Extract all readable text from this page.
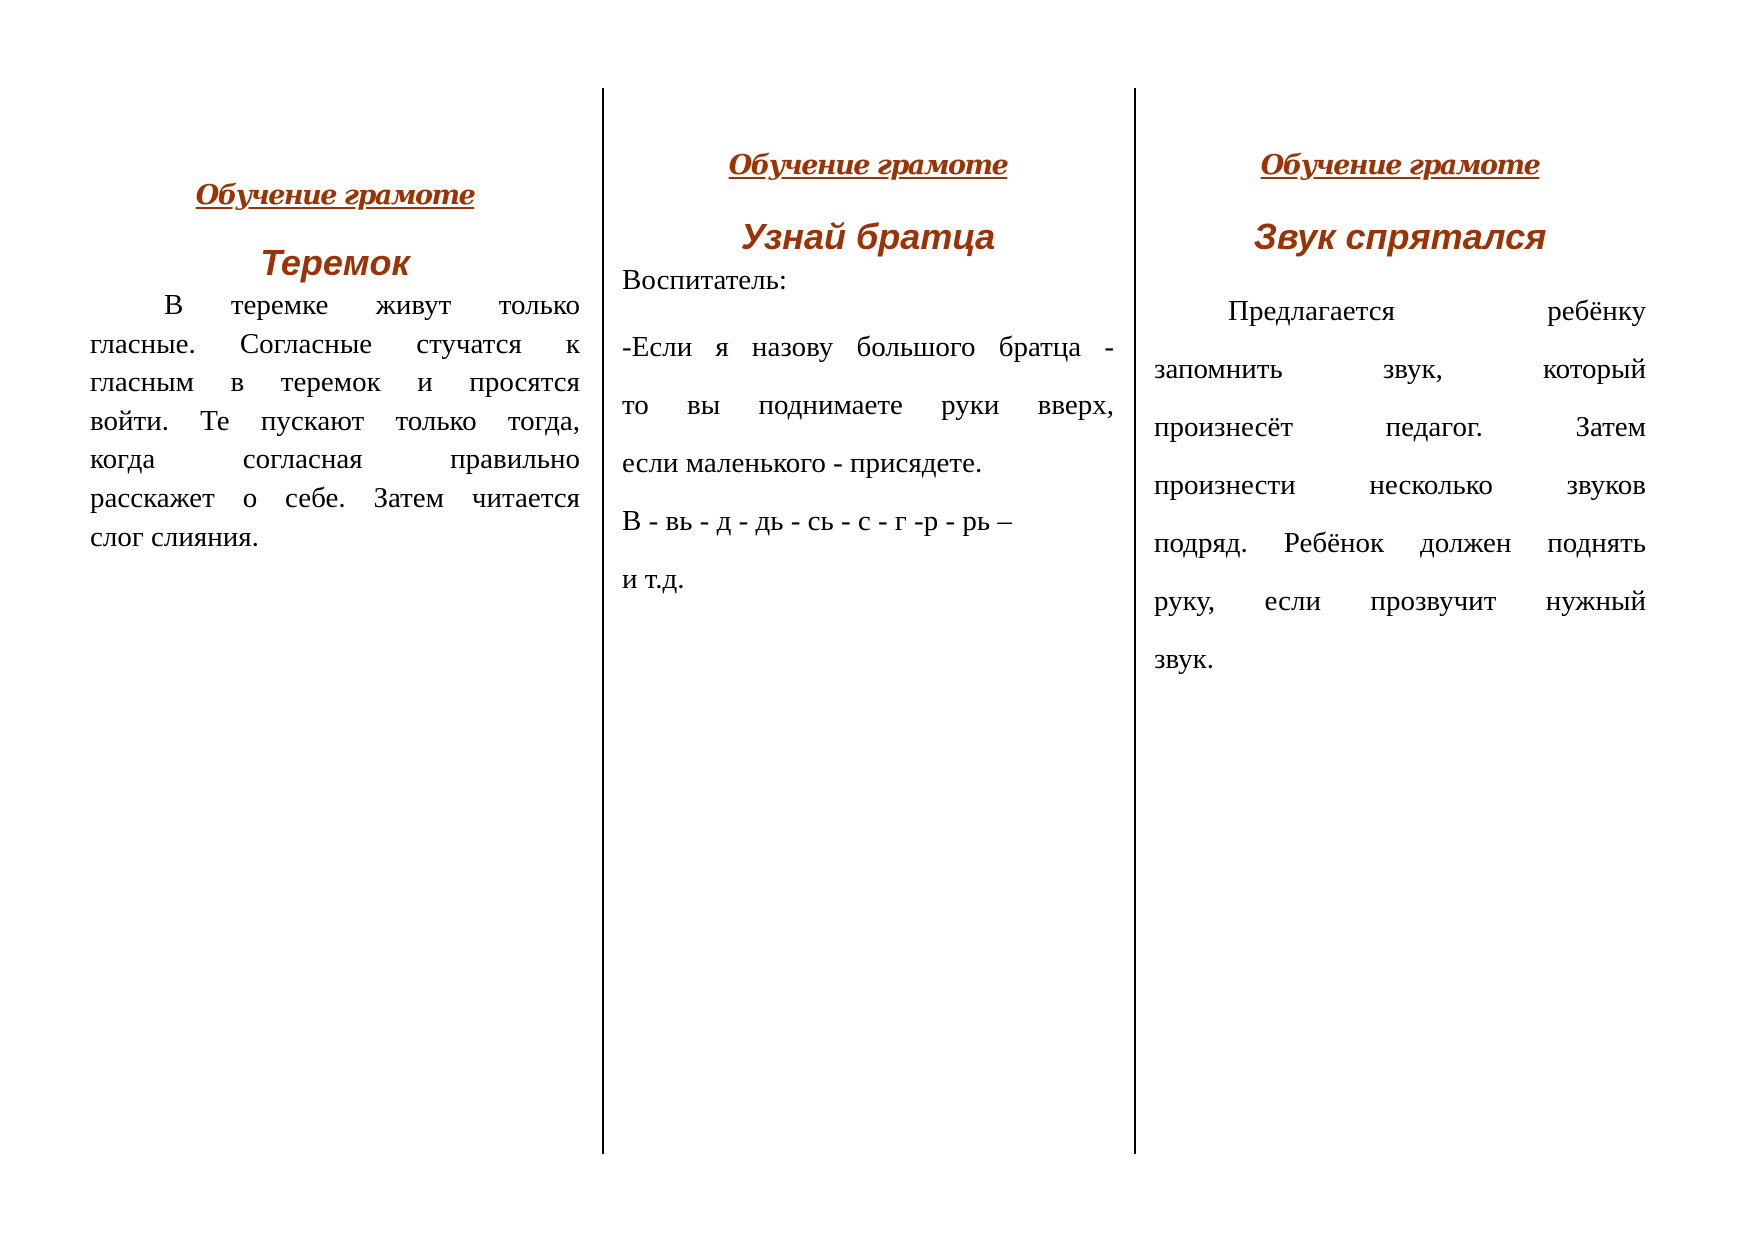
Обучение грамоте
Теремок

В теремке живут только

гласные. Согласные стучатся к

гласным в теремок и просятся

войти. Те пускают только тогда,

когда согласная правильно

расскажет о себе. Затем читается

слог слияния.

Обучение грамоте
Узнай братца

Воспитатель:

-Если я назову большого братца -

то вы поднимаете руки вверх,

если маленького - присядете.

В - вь - д - дь - сь - с - г -р - рь –

и т.д.

Обучение грамоте
Звук спрятался

Предлагается ребёнку

запомнить звук, который

произнесёт педагог. Затем

произнести несколько звуков

подряд. Ребёнок должен поднять

руку, если прозвучит нужный

звук.
